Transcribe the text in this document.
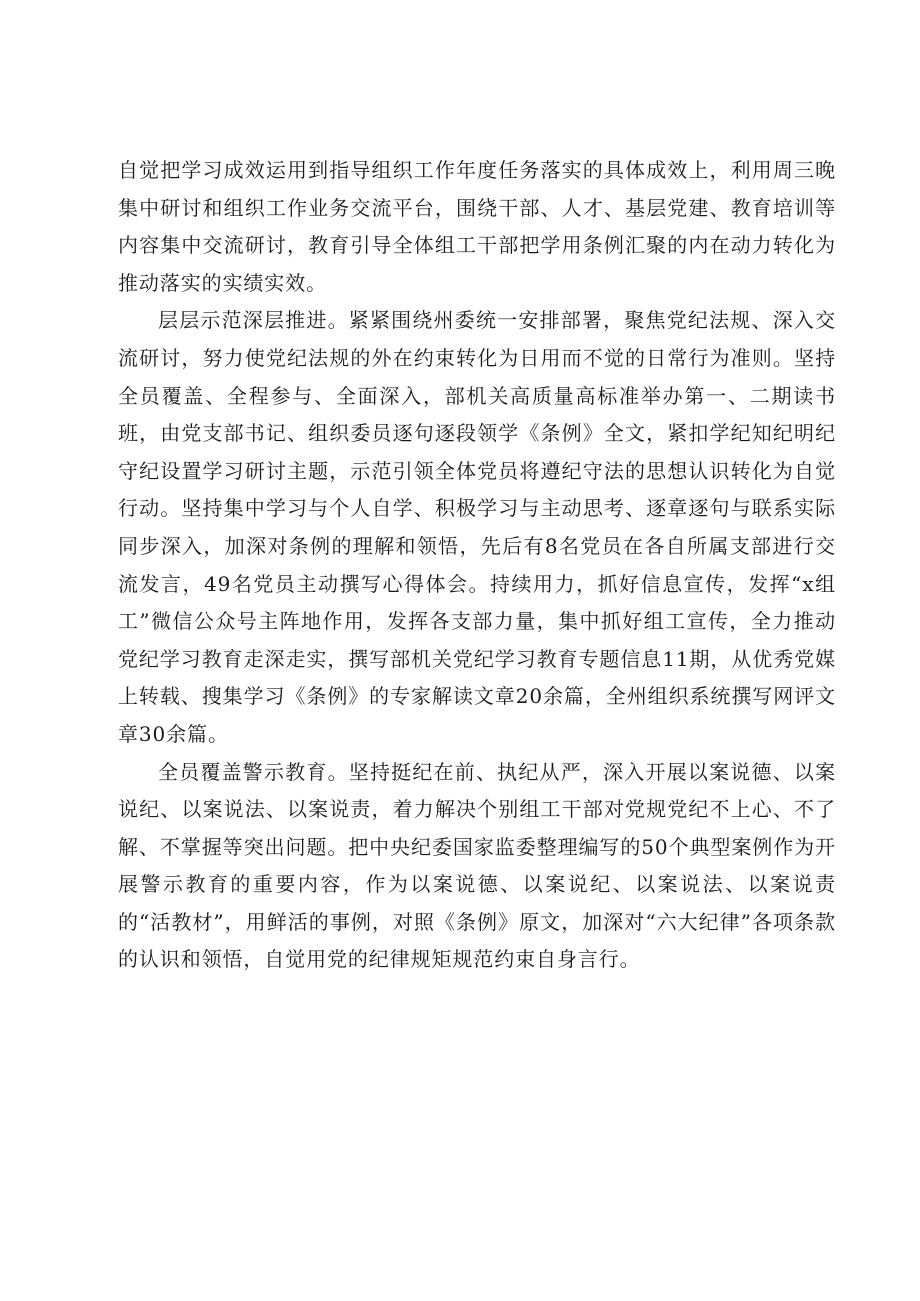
自觉把学习成效运用到指导组织工作年度任务落实的具体成效上，利用周三晚集中研讨和组织工作业务交流平台，围绕干部、人才、基层党建、教育培训等内容集中交流研讨，教育引导全体组工干部把学用条例汇聚的内在动力转化为推动落实的实绩实效。

层层示范深层推进。紧紧围绕州委统一安排部署，聚焦党纪法规、深入交流研讨，努力使党纪法规的外在约束转化为日用而不觉的日常行为准则。坚持全员覆盖、全程参与、全面深入，部机关高质量高标准举办第一、二期读书班，由党支部书记、组织委员逐句逐段领学《条例》全文，紧扣学纪知纪明纪守纪设置学习研讨主题，示范引领全体党员将遵纪守法的思想认识转化为自觉行动。坚持集中学习与个人自学、积极学习与主动思考、逐章逐句与联系实际同步深入，加深对条例的理解和领悟，先后有8名党员在各自所属支部进行交流发言，49名党员主动撰写心得体会。持续用力，抓好信息宣传，发挥“x组工”微信公众号主阵地作用，发挥各支部力量，集中抓好组工宣传，全力推动党纪学习教育走深走实，撰写部机关党纪学习教育专题信息11期，从优秀党媒上转载、搜集学习《条例》的专家解读文章20余篇，全州组织系统撰写网评文章30余篇。

全员覆盖警示教育。坚持挺纪在前、执纪从严，深入开展以案说德、以案说纪、以案说法、以案说责，着力解决个别组工干部对党规党纪不上心、不了解、不掌握等突出问题。把中央纪委国家监委整理编写的50个典型案例作为开展警示教育的重要内容，作为以案说德、以案说纪、以案说法、以案说责的“活教材”，用鲜活的事例，对照《条例》原文，加深对“六大纪律”各项条款的认识和领悟，自觉用党的纪律规矩规范约束自身言行。
